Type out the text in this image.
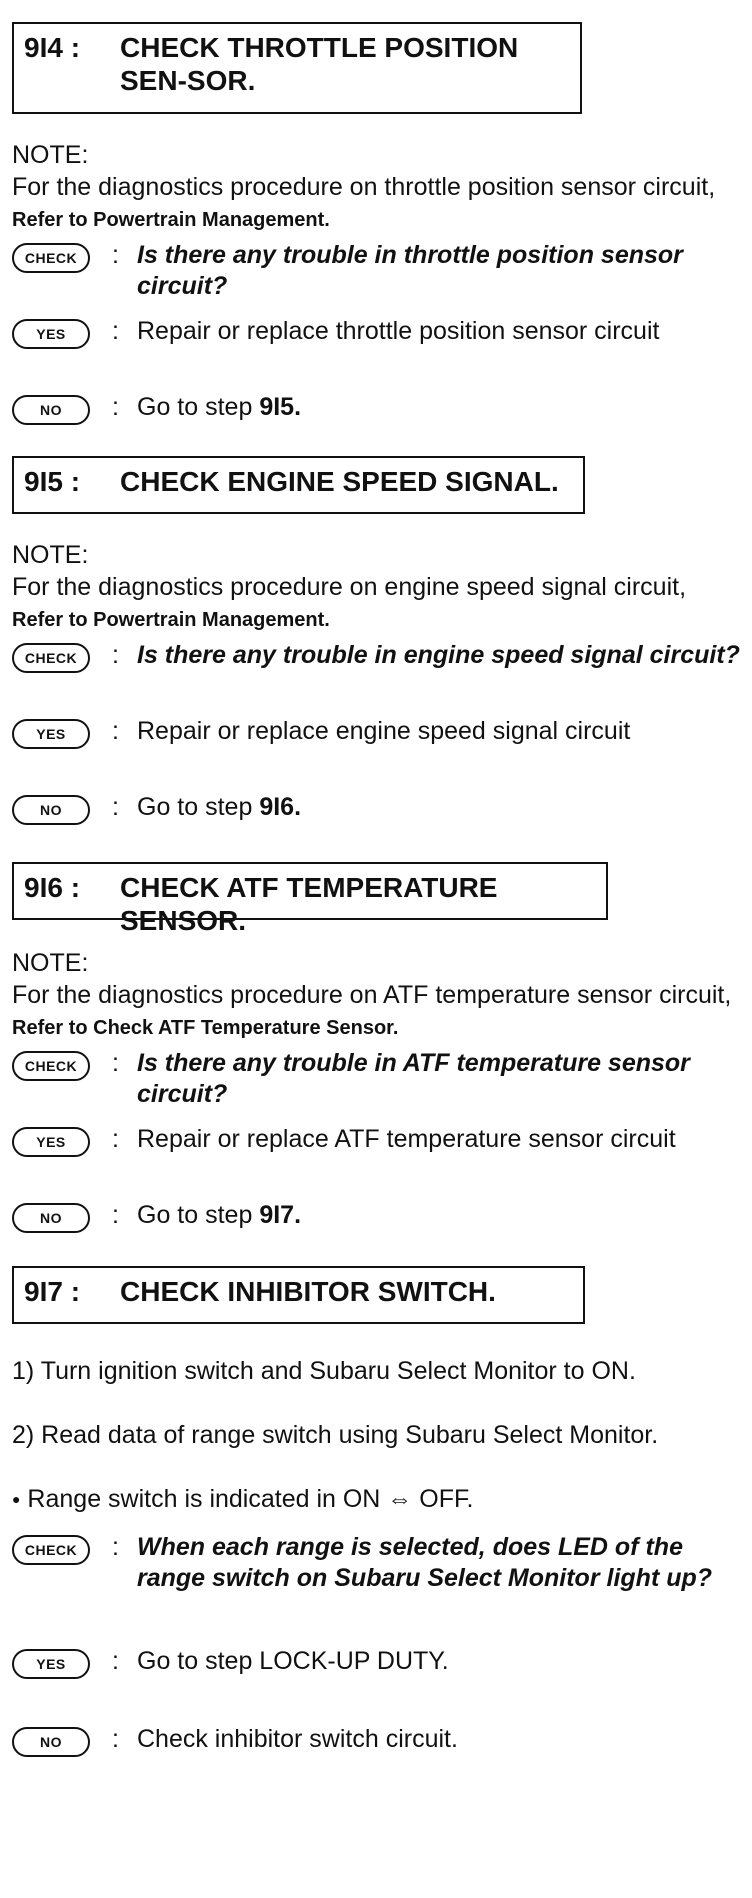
9I4 : CHECK THROTTLE POSITION SEN-SOR.
NOTE:
For the diagnostics procedure on throttle position sensor circuit, Refer to Powertrain Management.
CHECK	: Is there any trouble in throttle position sensor circuit?
YES	: Repair or replace throttle position sensor circuit
NO	: Go to step 9I5.
9I5 : CHECK ENGINE SPEED SIGNAL.
NOTE:
For the diagnostics procedure on engine speed signal circuit, Refer to Powertrain Management.
CHECK	: Is there any trouble in engine speed signal circuit?
YES	: Repair or replace engine speed signal circuit
NO	: Go to step 9I6.
9I6 : CHECK ATF TEMPERATURE SENSOR.
NOTE:
For the diagnostics procedure on ATF temperature sensor circuit, Refer to Check ATF Temperature Sensor.
CHECK	: Is there any trouble in ATF temperature sensor circuit?
YES	: Repair or replace ATF temperature sensor circuit
NO	: Go to step 9I7.
9I7 : CHECK INHIBITOR SWITCH.
1) Turn ignition switch and Subaru Select Monitor to ON.
2) Read data of range switch using Subaru Select Monitor.
● Range switch is indicated in ON ⇔ OFF.
CHECK	: When each range is selected, does LED of the range switch on Subaru Select Monitor light up?
YES	: Go to step LOCK-UP DUTY.
NO	: Check inhibitor switch circuit.
